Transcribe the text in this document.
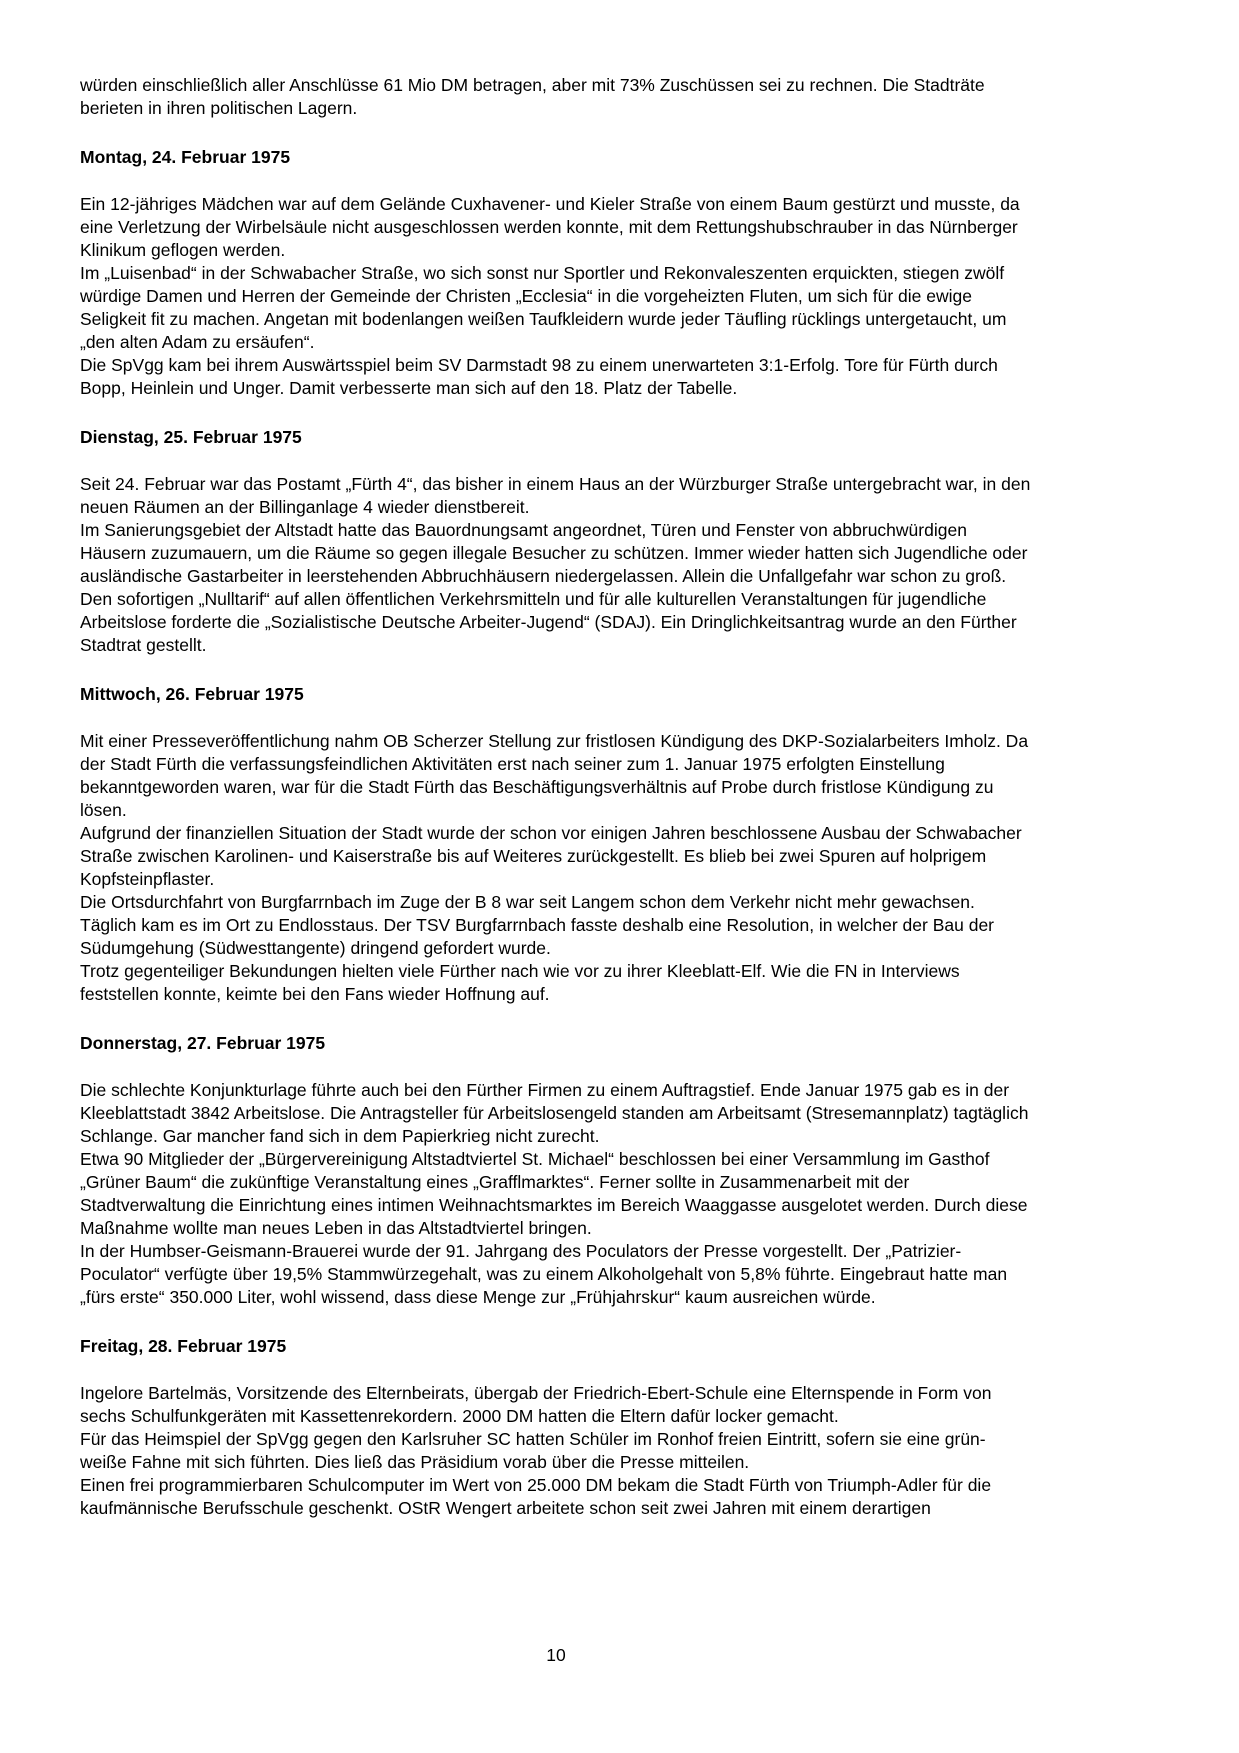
würden einschließlich aller Anschlüsse 61 Mio DM betragen, aber mit 73% Zuschüssen sei zu rechnen. Die Stadträte berieten in ihren politischen Lagern.

Montag, 24. Februar 1975

Ein 12-jähriges Mädchen war auf dem Gelände Cuxhavener- und Kieler Straße von einem Baum gestürzt und musste, da eine Verletzung der Wirbelsäule nicht ausgeschlossen werden konnte, mit dem Rettungshubschrauber in das Nürnberger Klinikum geflogen werden.

Im „Luisenbad“ in der Schwabacher Straße, wo sich sonst nur Sportler und Rekonvaleszenten erquickten, stiegen zwölf würdige Damen und Herren der Gemeinde der Christen „Ecclesia“ in die vorgeheizten Fluten, um sich für die ewige Seligkeit fit zu machen. Angetan mit bodenlangen weißen Taufkleidern wurde jeder Täufling rücklings untergetaucht, um „den alten Adam zu ersäufen“.

Die SpVgg kam bei ihrem Auswärtsspiel beim SV Darmstadt 98 zu einem unerwarteten 3:1-Erfolg. Tore für Fürth durch Bopp, Heinlein und Unger. Damit verbesserte man sich auf den 18. Platz der Tabelle.

Dienstag, 25. Februar 1975

Seit 24. Februar war das Postamt „Fürth 4“, das bisher in einem Haus an der Würzburger Straße untergebracht war, in den neuen Räumen an der Billinganlage 4 wieder dienstbereit.

Im Sanierungsgebiet der Altstadt hatte das Bauordnungsamt angeordnet, Türen und Fenster von abbruchwürdigen Häusern zuzumauern, um die Räume so gegen illegale Besucher zu schützen. Immer wieder hatten sich Jugendliche oder ausländische Gastarbeiter in leerstehenden Abbruchhäusern niedergelassen. Allein die Unfallgefahr war schon zu groß.

Den sofortigen „Nulltarif“ auf allen öffentlichen Verkehrsmitteln und für alle kulturellen Veranstaltungen für jugendliche Arbeitslose forderte die „Sozialistische Deutsche Arbeiter-Jugend“ (SDAJ). Ein Dringlichkeitsantrag wurde an den Fürther Stadtrat gestellt.

Mittwoch, 26. Februar 1975

Mit einer Presseveröffentlichung nahm OB Scherzer Stellung zur fristlosen Kündigung des DKP-Sozialarbeiters Imholz. Da der Stadt Fürth die verfassungsfeindlichen Aktivitäten erst nach seiner zum 1. Januar 1975 erfolgten Einstellung bekanntgeworden waren, war für die Stadt Fürth das Beschäftigungsverhältnis auf Probe durch fristlose Kündigung zu lösen.

Aufgrund der finanziellen Situation der Stadt wurde der schon vor einigen Jahren beschlossene Ausbau der Schwabacher Straße zwischen Karolinen- und Kaiserstraße bis auf Weiteres zurückgestellt. Es blieb bei zwei Spuren auf holprigem Kopfsteinpflaster.

Die Ortsdurchfahrt von Burgfarrnbach im Zuge der B 8 war seit Langem schon dem Verkehr nicht mehr gewachsen. Täglich kam es im Ort zu Endlosstaus. Der TSV Burgfarrnbach fasste deshalb eine Resolution, in welcher der Bau der Südumgehung (Südwesttangente) dringend gefordert wurde.

Trotz gegenteiliger Bekundungen hielten viele Fürther nach wie vor zu ihrer Kleeblatt-Elf. Wie die FN in Interviews feststellen konnte, keimte bei den Fans wieder Hoffnung auf.

Donnerstag, 27. Februar 1975

Die schlechte Konjunkturlage führte auch bei den Fürther Firmen zu einem Auftragstief. Ende Januar 1975 gab es in der Kleeblattstadt 3842 Arbeitslose. Die Antragsteller für Arbeitslosengeld standen am Arbeitsamt (Stresemannplatz) tagtäglich Schlange. Gar mancher fand sich in dem Papierkrieg nicht zurecht.

Etwa 90 Mitglieder der „Bürgervereinigung Altstadtviertel St. Michael“ beschlossen bei einer Versammlung im Gasthof „Grüner Baum“ die zukünftige Veranstaltung eines „Grafflmarktes“. Ferner sollte in Zusammenarbeit mit der Stadtverwaltung die Einrichtung eines intimen Weihnachtsmarktes im Bereich Waaggasse ausgelotet werden. Durch diese Maßnahme wollte man neues Leben in das Altstadtviertel bringen.

In der Humbser-Geismann-Brauerei wurde der 91. Jahrgang des Poculators der Presse vorgestellt. Der „Patrizier-Poculator“ verfügte über 19,5% Stammwürzegehalt, was zu einem Alkoholgehalt von 5,8% führte. Eingebraut hatte man „fürs erste“ 350.000 Liter, wohl wissend, dass diese Menge zur „Frühjahrskur“ kaum ausreichen würde.

Freitag, 28. Februar 1975

Ingelore Bartelmäs, Vorsitzende des Elternbeirats, übergab der Friedrich-Ebert-Schule eine Elternspende in Form von sechs Schulfunkgeräten mit Kassettenrekordern. 2000 DM hatten die Eltern dafür locker gemacht.

Für das Heimspiel der SpVgg gegen den Karlsruher SC hatten Schüler im Ronhof freien Eintritt, sofern sie eine grün-weiße Fahne mit sich führten. Dies ließ das Präsidium vorab über die Presse mitteilen.

Einen frei programmierbaren Schulcomputer im Wert von 25.000 DM bekam die Stadt Fürth von Triumph-Adler für die kaufmännische Berufsschule geschenkt. OStR Wengert arbeitete schon seit zwei Jahren mit einem derartigen

10
